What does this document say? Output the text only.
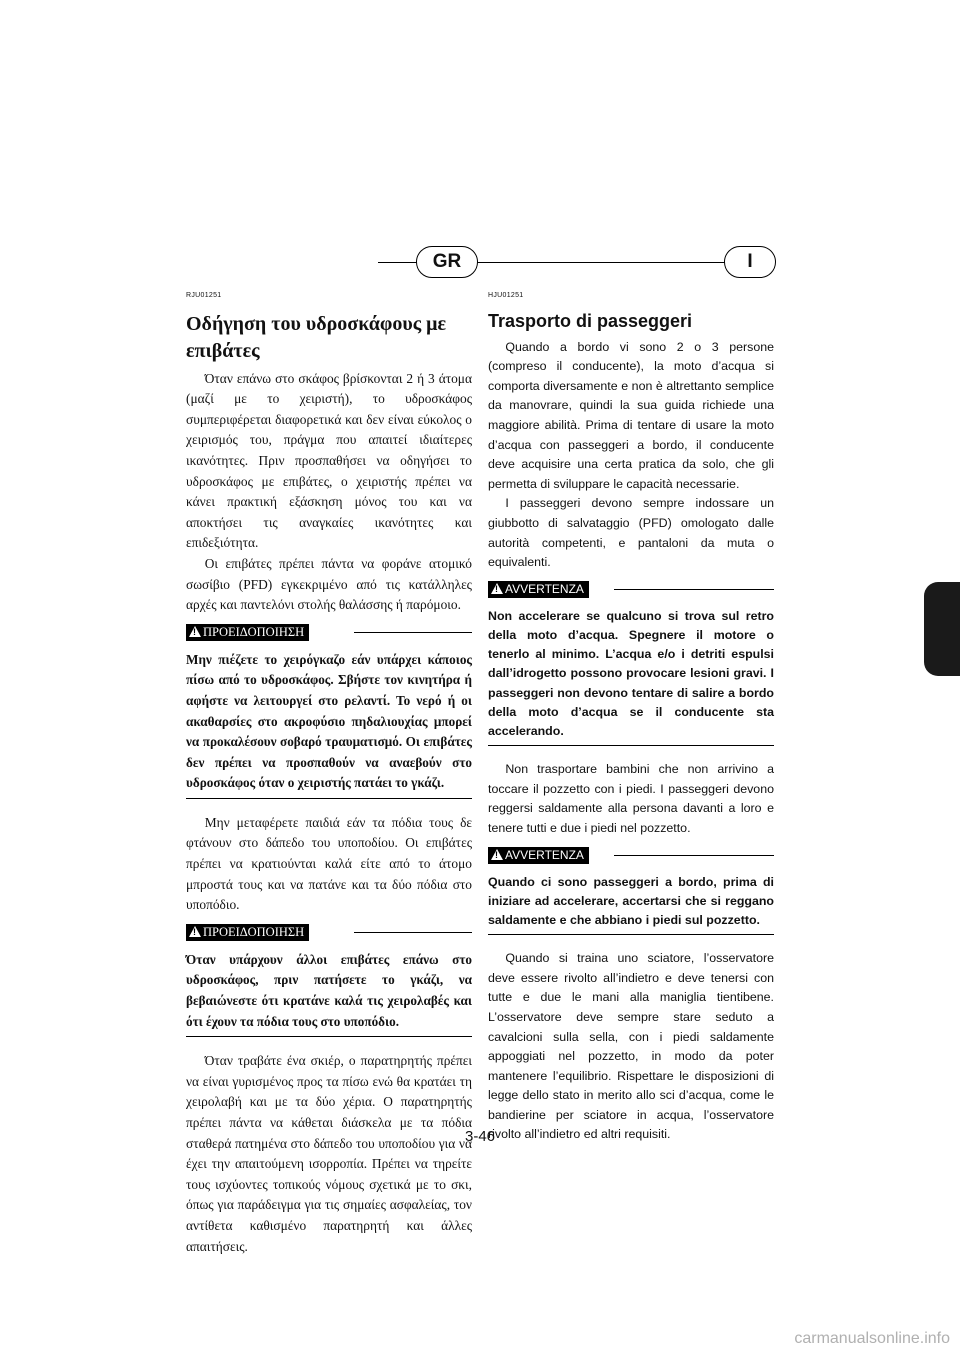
GR	I
RJU01251
Οδήγηση του υδροσκάφους με επιβάτες

Όταν επάνω στο σκάφος βρίσκονται 2 ή 3 άτομα (μαζί με το χειριστή), το υδροσκάφος συμπεριφέρεται διαφορετικά και δεν είναι εύκολος ο χειρισμός του, πράγμα που απαιτεί ιδιαίτερες ικανότητες. Πριν προσπαθήσει να οδηγήσει το υδροσκάφος με επιβάτες, ο χειριστής πρέπει να κάνει πρακτική εξάσκηση μόνος του και να αποκτήσει τις αναγκαίες ικανότητες και επιδεξιότητα.

Οι επιβάτες πρέπει πάντα να φοράνε ατομικό σωσίβιο (PFD) εγκεκριμένο από τις κατάλληλες αρχές και παντελόνι στολής θαλάσσης ή παρόμοιο.

!ΠΡΟΕΙΔΟΠΟΙΗΣΗ
Μην πιέζετε το χειρόγκαζο εάν υπάρχει κάποιος πίσω από το υδροσκάφος. Σβήστε τον κινητήρα ή αφήστε να λειτουργεί στο ρελαντί. Το νερό ή οι ακαθαρσίες στο ακροφύσιο πηδαλιουχίας μπορεί να προκαλέσουν σοβαρό τραυματισμό. Οι επιβάτες δεν πρέπει να προσπαθούν να αναεβούν στο υδροσκάφος όταν ο χειριστής πατάει το γκάζι.

Μην μεταφέρετε παιδιά εάν τα πόδια τους δε φτάνουν στο δάπεδο του υποποδίου. Οι επιβάτες πρέπει να κρατιούνται καλά είτε από το άτομο μπροστά τους και να πατάνε και τα δύο πόδια στο υποπόδιο.

!ΠΡΟΕΙΔΟΠΟΙΗΣΗ
Όταν υπάρχουν άλλοι επιβάτες επάνω στο υδροσκάφος, πριν πατήσετε το γκάζι, να βεβαιώνεστε ότι κρατάνε καλά τις χειρολαβές και ότι έχουν τα πόδια τους στο υποπόδιο.

Όταν τραβάτε ένα σκιέρ, ο παρατηρητής πρέπει να είναι γυρισμένος προς τα πίσω ενώ θα κρατάει τη χειρολαβή και με τα δύο χέρια. Ο παρατηρητής πρέπει πάντα να κάθεται διάσκελα με τα πόδια σταθερά πατημένα στο δάπεδο του υποποδίου για να έχει την απαιτούμενη ισορροπία. Πρέπει να τηρείτε τους ισχύοντες τοπικούς νόμους σχετικά με το σκι, όπως για παράδειγμα για τις σημαίες ασφαλείας, τον αντίθετα καθισμένο παρατηρητή και άλλες απαιτήσεις.

HJU01251
Trasporto di passeggeri

Quando a bordo vi sono 2 o 3 persone (compreso il conducente), la moto d’acqua si comporta diversamente e non è altrettanto semplice da manovrare, quindi la sua guida richiede una maggiore abilità. Prima di tentare di usare la moto d’acqua con passeggeri a bordo, il conducente deve acquisire una certa pratica da solo, che gli permetta di sviluppare le capacità necessarie.

I passeggeri devono sempre indossare un giubbotto di salvataggio (PFD) omologato dalle autorità competenti, e pantaloni da muta o equivalenti.

!AVVERTENZA
Non accelerare se qualcuno si trova sul retro della moto d’acqua. Spegnere il motore o tenerlo al minimo. L’acqua e/o i detriti espulsi dall’idrogetto possono provocare lesioni gravi. I passeggeri non devono tentare di salire a bordo della moto d’acqua se il conducente sta accelerando.

Non trasportare bambini che non arrivino a toccare il pozzetto con i piedi. I passeggeri devono reggersi saldamente alla persona davanti a loro e tenere tutti e due i piedi nel pozzetto.

!AVVERTENZA
Quando ci sono passeggeri a bordo, prima di iniziare ad accelerare, accertarsi che si reggano saldamente e che abbiano i piedi sul pozzetto.

Quando si traina uno sciatore, l’osservatore deve essere rivolto all’indietro e deve tenersi con tutte e due le mani alla maniglia tientibene. L’osservatore deve sempre stare seduto a cavalcioni sulla sella, con i piedi saldamente appoggiati nel pozzetto, in modo da poter mantenere l’equilibrio. Rispettare le disposizioni di legge dello stato in merito allo sci d’acqua, come le bandierine per sciatore in acqua, l’osservatore rivolto all’indietro ed altri requisiti.

3-46
carmanualsonline.info
